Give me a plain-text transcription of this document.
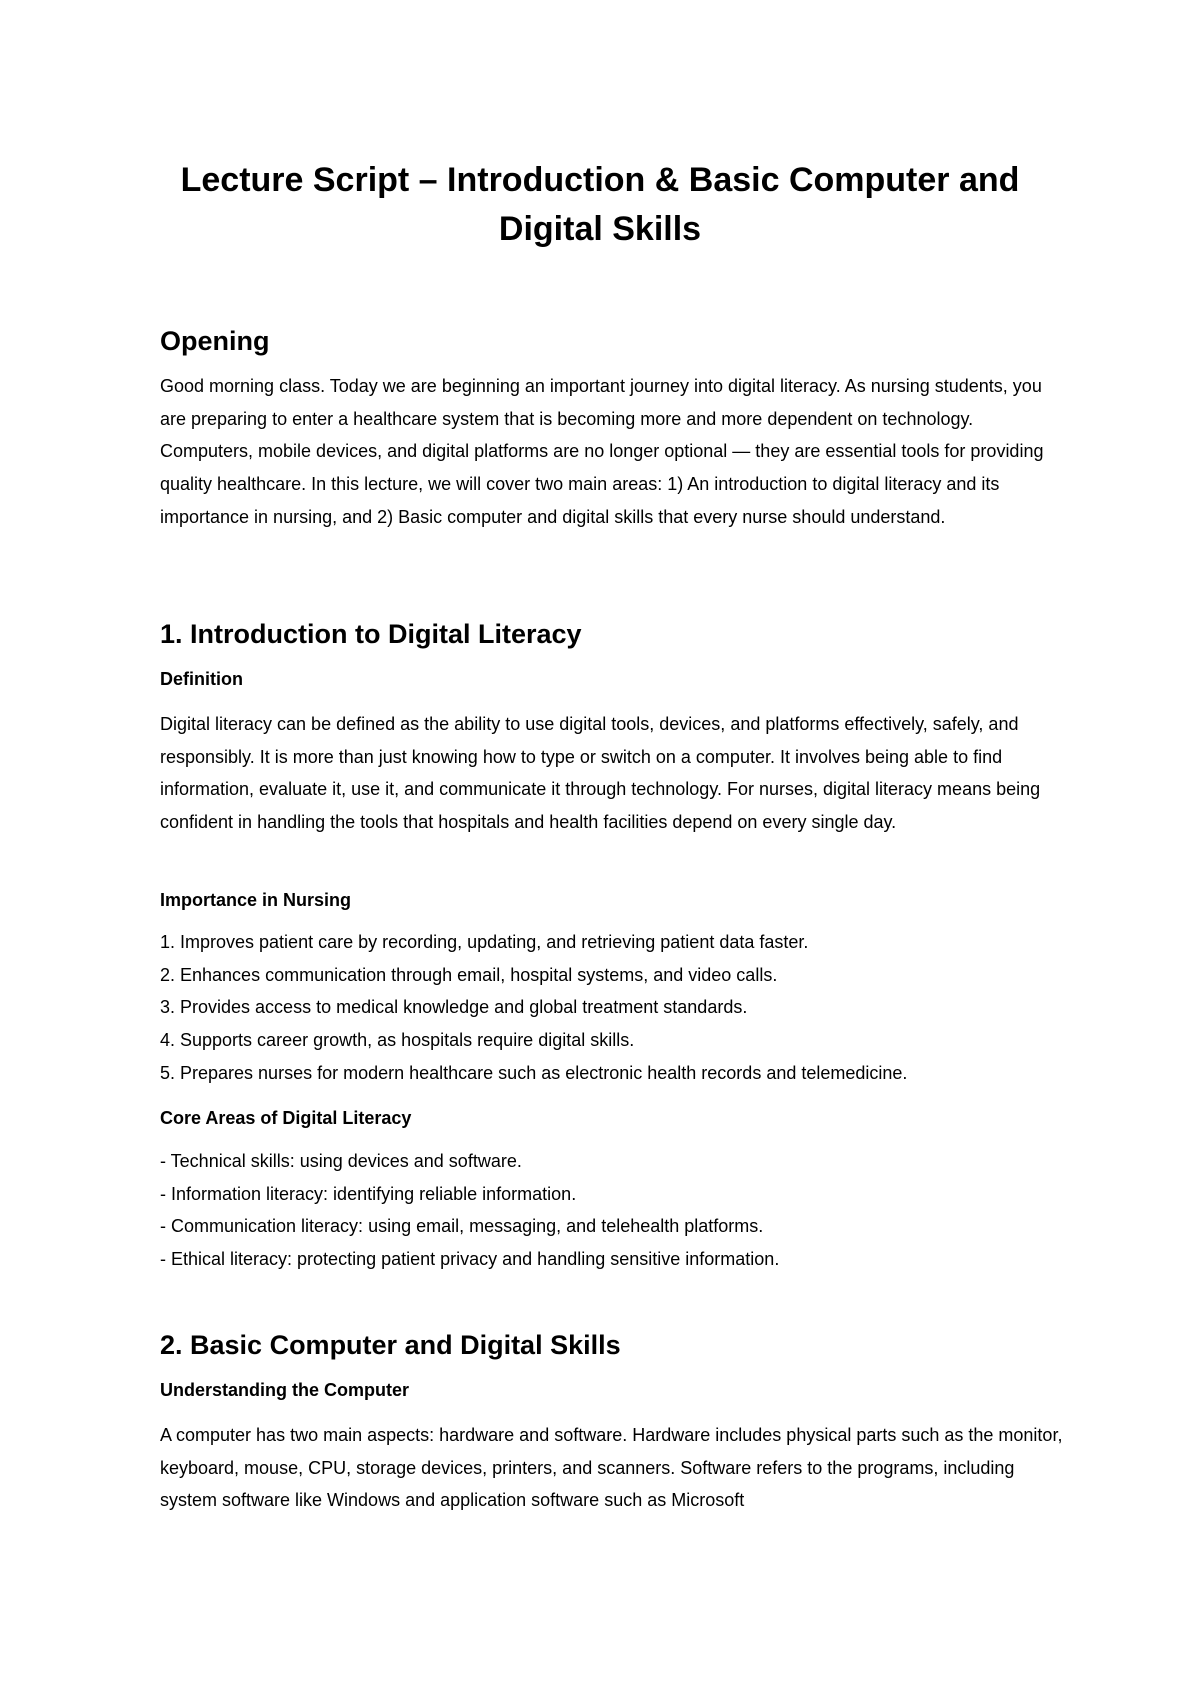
Lecture Script – Introduction & Basic Computer and Digital Skills
Opening

Good morning class. Today we are beginning an important journey into digital literacy. As nursing students, you are preparing to enter a healthcare system that is becoming more and more dependent on technology. Computers, mobile devices, and digital platforms are no longer optional — they are essential tools for providing quality healthcare. In this lecture, we will cover two main areas: 1) An introduction to digital literacy and its importance in nursing, and 2) Basic computer and digital skills that every nurse should understand.

1. Introduction to Digital Literacy
Definition

Digital literacy can be defined as the ability to use digital tools, devices, and platforms effectively, safely, and responsibly. It is more than just knowing how to type or switch on a computer. It involves being able to find information, evaluate it, use it, and communicate it through technology. For nurses, digital literacy means being confident in handling the tools that hospitals and health facilities depend on every single day.

Importance in Nursing
1. Improves patient care by recording, updating, and retrieving patient data faster.
2. Enhances communication through email, hospital systems, and video calls.
3. Provides access to medical knowledge and global treatment standards.
4. Supports career growth, as hospitals require digital skills.
5. Prepares nurses for modern healthcare such as electronic health records and telemedicine.
Core Areas of Digital Literacy
- Technical skills: using devices and software.
- Information literacy: identifying reliable information.
- Communication literacy: using email, messaging, and telehealth platforms.
- Ethical literacy: protecting patient privacy and handling sensitive information.
2. Basic Computer and Digital Skills
Understanding the Computer

A computer has two main aspects: hardware and software. Hardware includes physical parts such as the monitor, keyboard, mouse, CPU, storage devices, printers, and scanners. Software refers to the programs, including system software like Windows and application software such as Microsoft
